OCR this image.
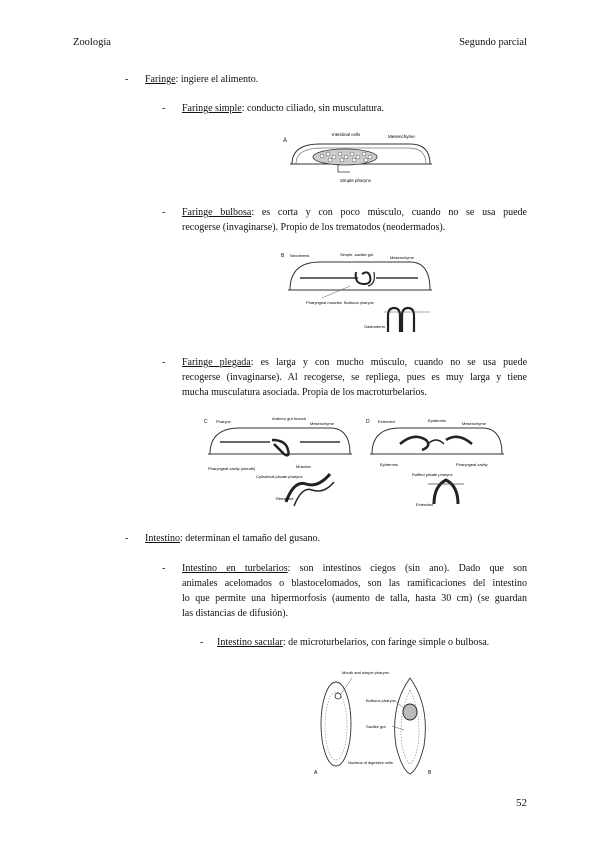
Zoología	Segundo parcial
- Faringe: ingiere el alimento.
- Faringe simple: conducto ciliado, sin musculatura.
A
Intestinal cells	Mesenchyme
Simple pharynx
- Faringe bulbosa: es corta y con poco músculo, cuando no se usa puede
recogerse (invaginarse). Propio de los trematodos (neodermados).
B Neodermis	Simple, saclike gut
Mesenchyme
Pharyngeal muscles Bulbous pharynx
Gastroderm
- Faringe plegada: es larga y con mucho músculo, cuando no se usa puede
recogerse (invaginarse). Al recogerse, se repliega, pues es muy larga y tiene
mucha musculatura asociada. Propia de los macroturbelarios.
C Pharynx
Anterior gut branch
Mesenchyme
Pharyngeal cavity (sheath)	Muscles
Cylindrical plicate pharynx
Retracted
D Extended	Epidermis
Mesenchyme
Epidermis	Pharyngeal cavity
Ruffled plicate pharynx
Extended
- Intestino: determinan el tamaño del gusano.
- Intestino en turbelarios: son intestinos ciegos (sin ano). Dado que son
animales acelomados o blastocelomados, son las ramificaciones del intestino
lo que permite una hipermorfosis (aumento de talla, hasta 30 cm) (se guardan
las distancias de difusión).
- Intestino sacular: de microturbelarios, con faringe simple o bulbosa.
Mouth and simple pharynx
A
Nucleus of digestive cells
Bulbous pharynx
Saclike gut
B
52
